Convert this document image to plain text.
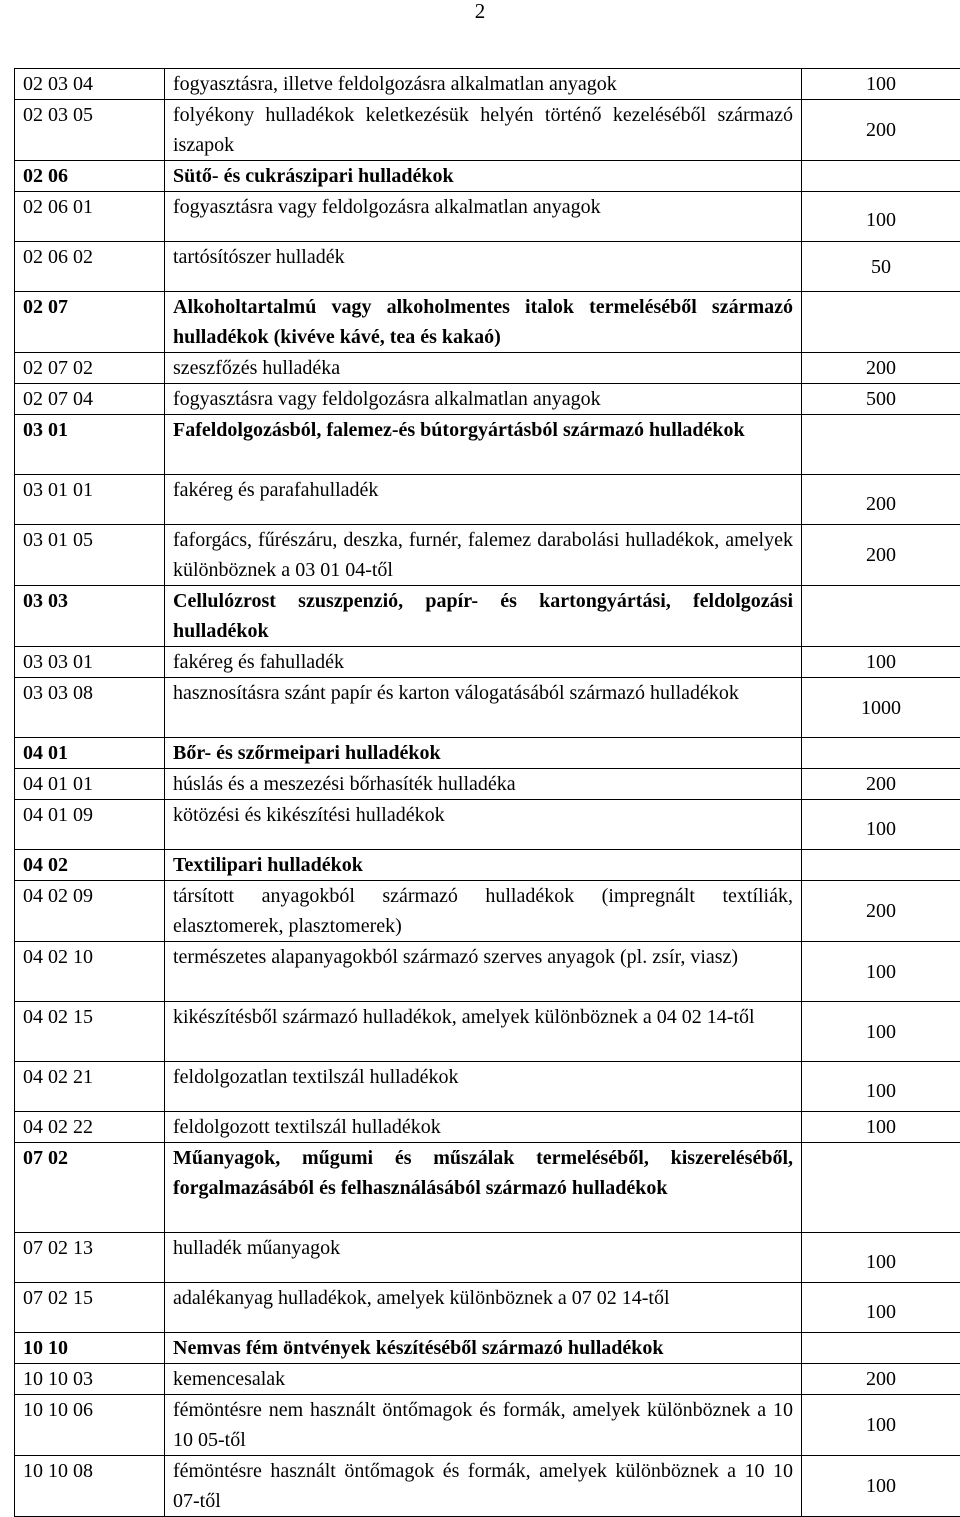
2
02 03 04	fogyasztásra, illetve feldolgozásra alkalmatlan anyagok	100
02 03 05	folyékony hulladékok keletkezésük helyén történő kezeléséből származó iszapok	200
02 06	Sütő- és cukrászipari hulladékok	
02 06 01	fogyasztásra vagy feldolgozásra alkalmatlan anyagok	100
02 06 02	tartósítószer hulladék	50
02 07	Alkoholtartalmú vagy alkoholmentes italok termeléséből származó hulladékok (kivéve kávé, tea és kakaó)	
02 07 02	szeszfőzés hulladéka	200
02 07 04	fogyasztásra vagy feldolgozásra alkalmatlan anyagok	500
03 01	Fafeldolgozásból, falemez-és bútorgyártásból származó hulladékok	
03 01 01	fakéreg és parafahulladék	200
03 01 05	faforgács, fűrészáru, deszka, furnér, falemez darabolási hulladékok, amelyek különböznek a 03 01 04-től	200
03 03	Cellulózrost szuszpenzió, papír- és kartongyártási, feldolgozási hulladékok	
03 03 01	fakéreg és fahulladék	100
03 03 08	hasznosításra szánt papír és karton válogatásából származó hulladékok	1000
04 01	Bőr- és szőrmeipari hulladékok	
04 01 01	húslás és a meszezési bőrhasíték hulladéka	200
04 01 09	kötözési és kikészítési hulladékok	100
04 02	Textilipari hulladékok	
04 02 09	társított anyagokból származó hulladékok (impregnált textíliák, elasztomerek, plasztomerek)	200
04 02 10	természetes alapanyagokból származó szerves anyagok (pl. zsír, viasz)	100
04 02 15	kikészítésből származó hulladékok, amelyek különböznek a 04 02 14-től	100
04 02 21	feldolgozatlan textilszál hulladékok	100
04 02 22	feldolgozott textilszál hulladékok	100
07 02	Műanyagok, műgumi és műszálak termeléséből, kiszereléséből, forgalmazásából és felhasználásából származó hulladékok	
07 02 13	hulladék műanyagok	100
07 02 15	adalékanyag hulladékok, amelyek különböznek a 07 02 14-től	100
10 10	Nemvas fém öntvények készítéséből származó hulladékok	
10 10 03	kemencesalak	200
10 10 06	fémöntésre nem használt öntőmagok és formák, amelyek különböznek a 10 10 05-től	100
10 10 08	fémöntésre használt öntőmagok és formák, amelyek különböznek a 10 10 07-től	100
